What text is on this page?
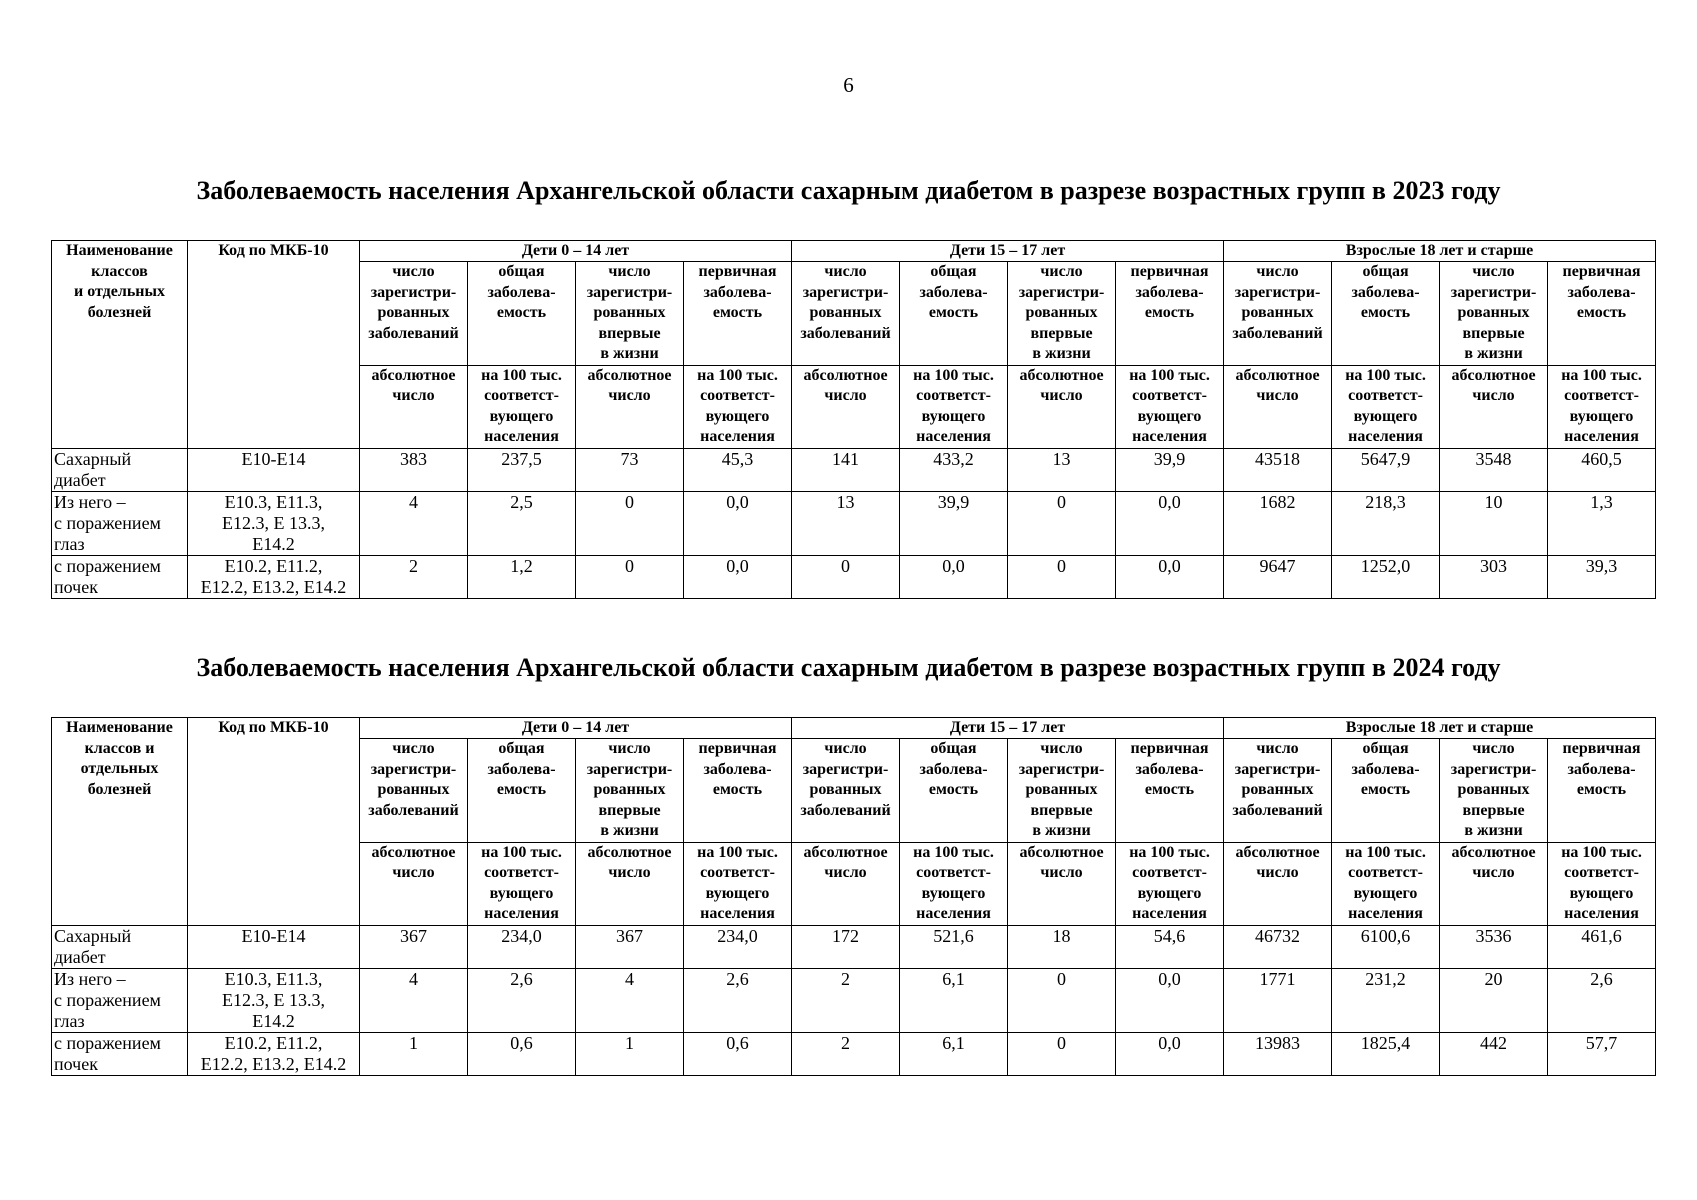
6
Заболеваемость населения Архангельской области сахарным диабетом в разрезе возрастных групп в 2023 году
Наименование
классов
и отдельных
болезней	Код по МКБ-10	Дети 0 – 14 лет				Дети 15 – 17 лет				Взрослые 18 лет и старше			
		число
зарегистри-
рованных
заболеваний	общая
заболева-
емость	число
зарегистри-
рованных
впервые
в жизни	первичная
заболева-
емость	число
зарегистри-
рованных
заболеваний	общая
заболева-
емость	число
зарегистри-
рованных
впервые
в жизни	первичная
заболева-
емость	число
зарегистри-
рованных
заболеваний	общая
заболева-
емость	число
зарегистри-
рованных
впервые
в жизни	первичная
заболева-
емость
		абсолютное
число	на 100 тыс.
соответст-
вующего
населения	абсолютное
число	на 100 тыс.
соответст-
вующего
населения	абсолютное
число	на 100 тыс.
соответст-
вующего
населения	абсолютное
число	на 100 тыс.
соответст-
вующего
населения	абсолютное
число	на 100 тыс.
соответст-
вующего
населения	абсолютное
число	на 100 тыс.
соответст-
вующего
населения
Сахарный
диабет	E10-E14	383	237,5	73	45,3	141	433,2	13	39,9	43518	5647,9	3548	460,5
Из него –
с поражением
глаз	E10.3, E11.3,
E12.3, E 13.3,
E14.2	4	2,5	0	0,0	13	39,9	0	0,0	1682	218,3	10	1,3
с поражением
почек	E10.2, E11.2,
E12.2, E13.2, E14.2	2	1,2	0	0,0	0	0,0	0	0,0	9647	1252,0	303	39,3
Заболеваемость населения Архангельской области сахарным диабетом в разрезе возрастных групп в 2024 году
Наименование
классов и
отдельных
болезней	Код по МКБ-10	Дети 0 – 14 лет				Дети 15 – 17 лет				Взрослые 18 лет и старше			
		число
зарегистри-
рованных
заболеваний	общая
заболева-
емость	число
зарегистри-
рованных
впервые
в жизни	первичная
заболева-
емость	число
зарегистри-
рованных
заболеваний	общая
заболева-
емость	число
зарегистри-
рованных
впервые
в жизни	первичная
заболева-
емость	число
зарегистри-
рованных
заболеваний	общая
заболева-
емость	число
зарегистри-
рованных
впервые
в жизни	первичная
заболева-
емость
		абсолютное
число	на 100 тыс.
соответст-
вующего
населения	абсолютное
число	на 100 тыс.
соответст-
вующего
населения	абсолютное
число	на 100 тыс.
соответст-
вующего
населения	абсолютное
число	на 100 тыс.
соответст-
вующего
населения	абсолютное
число	на 100 тыс.
соответст-
вующего
населения	абсолютное
число	на 100 тыс.
соответст-
вующего
населения
Сахарный
диабет	E10-E14	367	234,0	367	234,0	172	521,6	18	54,6	46732	6100,6	3536	461,6
Из него –
с поражением
глаз	E10.3, E11.3,
E12.3, E 13.3,
E14.2	4	2,6	4	2,6	2	6,1	0	0,0	1771	231,2	20	2,6
с поражением
почек	E10.2, E11.2,
E12.2, E13.2, E14.2	1	0,6	1	0,6	2	6,1	0	0,0	13983	1825,4	442	57,7
